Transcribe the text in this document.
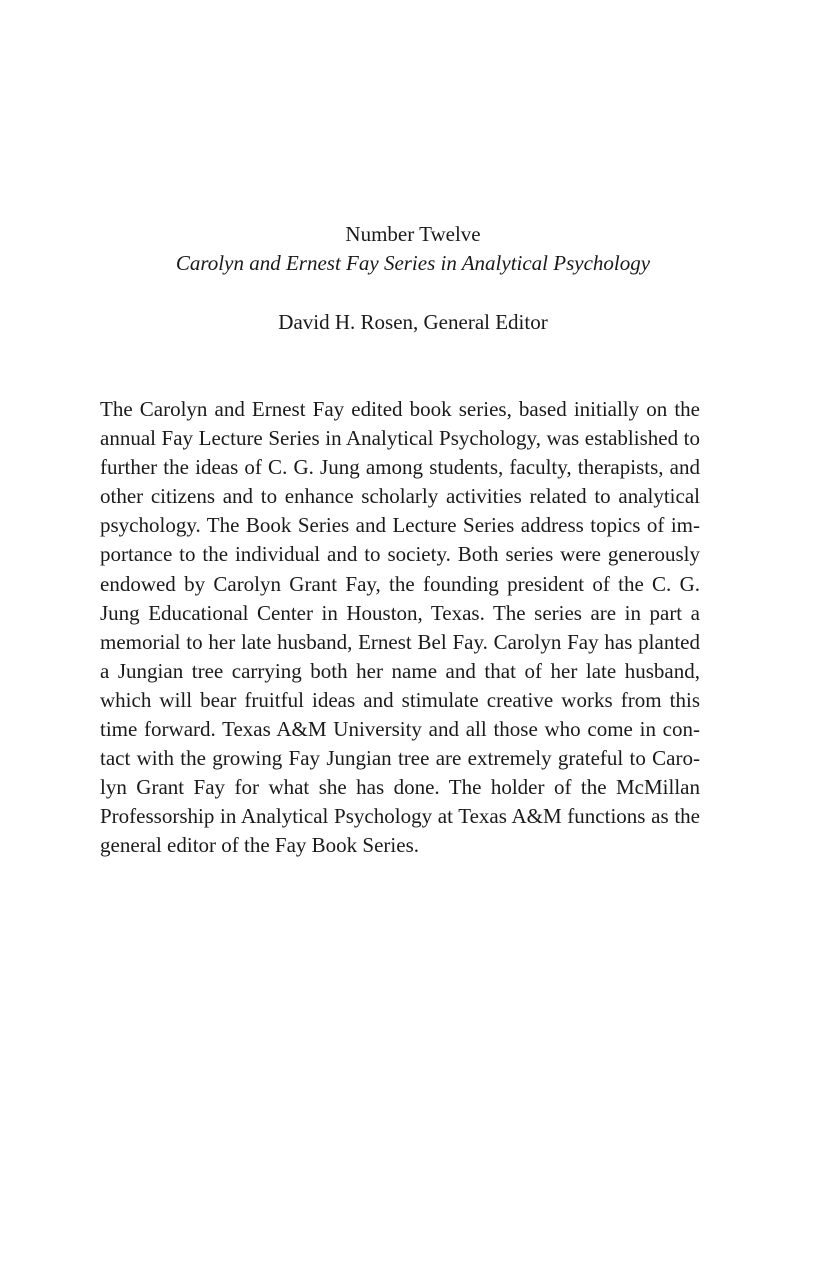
Number Twelve
Carolyn and Ernest Fay Series in Analytical Psychology
David H. Rosen, General Editor
The Carolyn and Ernest Fay edited book series, based initially on the
annual Fay Lecture Series in Analytical Psychology, was established to
further the ideas of C. G. Jung among students, faculty, therapists, and
other citizens and to enhance scholarly activities related to analytical
psychology. The Book Series and Lecture Series address topics of im-
portance to the individual and to society. Both series were generously
endowed by Carolyn Grant Fay, the founding president of the C. G.
Jung Educational Center in Houston, Texas. The series are in part a
memorial to her late husband, Ernest Bel Fay. Carolyn Fay has planted
a Jungian tree carrying both her name and that of her late husband,
which will bear fruitful ideas and stimulate creative works from this
time forward. Texas A&M University and all those who come in con-
tact with the growing Fay Jungian tree are extremely grateful to Caro-
lyn Grant Fay for what she has done. The holder of the McMillan
Professorship in Analytical Psychology at Texas A&M functions as the
general editor of the Fay Book Series.
